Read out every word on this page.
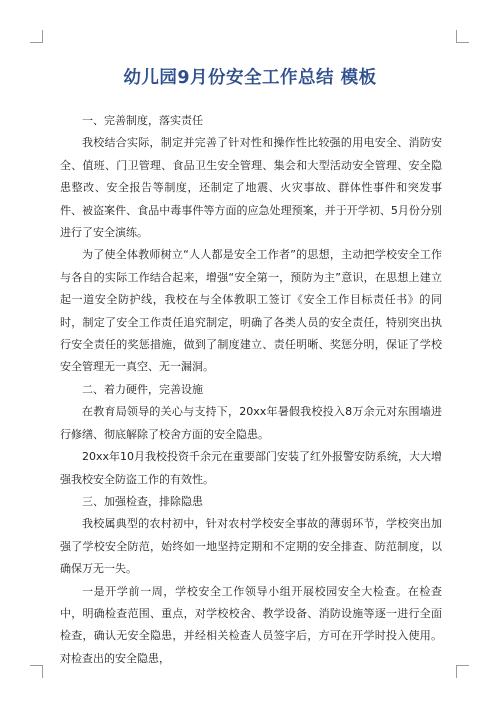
幼儿园9月份安全工作总结 模板

一、完善制度，落实责任

我校结合实际，制定并完善了针对性和操作性比较强的用电安全、消防安全、值班、门卫管理、食品卫生安全管理、集会和大型活动安全管理、安全隐患整改、安全报告等制度，还制定了地震、火灾事故、群体性事件和突发事件、被盗案件、食品中毒事件等方面的应急处理预案，并于开学初、5月份分别进行了安全演练。

为了使全体教师树立“人人都是安全工作者”的思想，主动把学校安全工作与各自的实际工作结合起来，增强“安全第一，预防为主”意识，在思想上建立起一道安全防护线，我校在与全体教职工签订《安全工作目标责任书》的同时，制定了安全工作责任追究制定，明确了各类人员的安全责任，特别突出执行安全责任的奖惩措施，做到了制度建立、责任明晰、奖惩分明，保证了学校安全管理无一真空、无一漏洞。

二、着力硬件，完善设施

在教育局领导的关心与支持下，20xx年暑假我校投入8万余元对东围墙进行修缮、彻底解除了校舍方面的安全隐患。

20xx年10月我校投资千余元在重要部门安装了红外报警安防系统，大大增强我校安全防盗工作的有效性。

三、加强检查，排除隐患

我校属典型的农村初中，针对农村学校安全事故的薄弱环节，学校突出加强了学校安全防范，始终如一地坚持定期和不定期的安全排查、防范制度，以确保万无一失。

一是开学前一周，学校安全工作领导小组开展校园安全大检查。在检查中，明确检查范围、重点，对学校校舍、教学设备、消防设施等逐一进行全面检查，确认无安全隐患，并经相关检查人员签字后，方可在开学时投入使用。对检查出的安全隐患，
